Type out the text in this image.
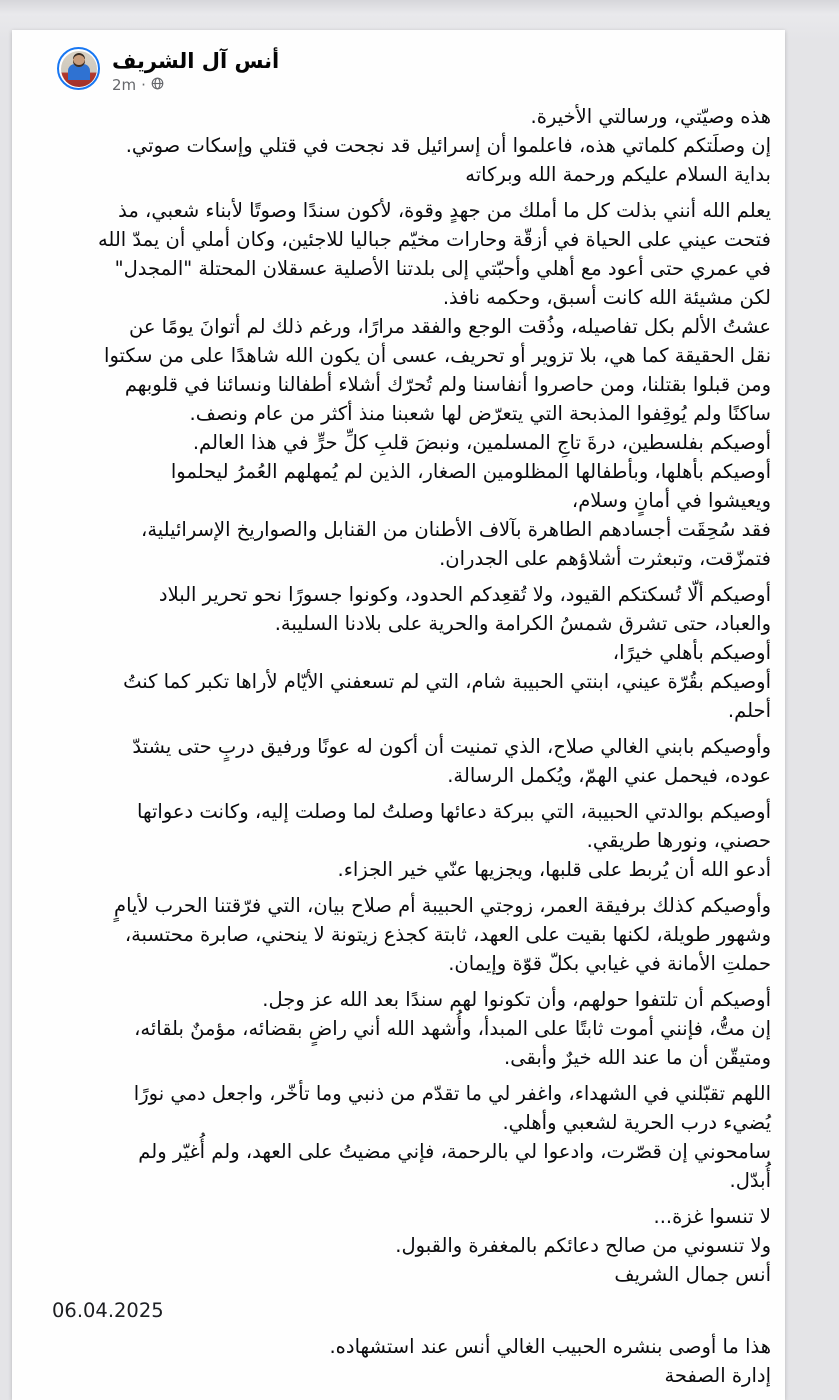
أنس آل الشريف
2m ·
هذه وصيّتي، ورسالتي الأخيرة.
إن وصلَتكم كلماتي هذه، فاعلموا أن إسرائيل قد نجحت في قتلي وإسكات صوتي.
بداية السلام عليكم ورحمة الله وبركاته
يعلم الله أنني بذلت كل ما أملك من جهدٍ وقوة، لأكون سندًا وصوتًا لأبناء شعبي، مذ
فتحت عيني على الحياة في أزقّة وحارات مخيّم جباليا للاجئين، وكان أملي أن يمدّ الله
في عمري حتى أعود مع أهلي وأحبّتي إلى بلدتنا الأصلية عسقلان المحتلة "المجدل"
لكن مشيئة الله كانت أسبق، وحكمه نافذ.
عشتُ الألم بكل تفاصيله، وذُقت الوجع والفقد مرارًا، ورغم ذلك لم أتوانَ يومًا عن
نقل الحقيقة كما هي، بلا تزوير أو تحريف، عسى أن يكون الله شاهدًا على من سكتوا
ومن قبلوا بقتلنا، ومن حاصروا أنفاسنا ولم تُحرّك أشلاء أطفالنا ونسائنا في قلوبهم
ساكنًا ولم يُوقِفوا المذبحة التي يتعرّض لها شعبنا منذ أكثر من عام ونصف.
أوصيكم بفلسطين، درةَ تاجِ المسلمين، ونبضَ قلبِ كلِّ حرٍّ في هذا العالم.
أوصيكم بأهلها، وبأطفالها المظلومين الصغار، الذين لم يُمهلهم العُمرُ ليحلموا
ويعيشوا في أمانٍ وسلام،
فقد سُحِقَت أجسادهم الطاهرة بآلاف الأطنان من القنابل والصواريخ الإسرائيلية،
فتمزّقت، وتبعثرت أشلاؤهم على الجدران.
أوصيكم ألّا تُسكتكم القيود، ولا تُقعِدكم الحدود، وكونوا جسورًا نحو تحرير البلاد
والعباد، حتى تشرق شمسُ الكرامة والحرية على بلادنا السليبة.
أوصيكم بأهلي خيرًا،
أوصيكم بقُرّة عيني، ابنتي الحبيبة شام، التي لم تسعفني الأيّام لأراها تكبر كما كنتُ
أحلم.
وأوصيكم بابني الغالي صلاح، الذي تمنيت أن أكون له عونًا ورفيق دربٍ حتى يشتدّ
عوده، فيحمل عني الهمّ، ويُكمل الرسالة.
أوصيكم بوالدتي الحبيبة، التي ببركة دعائها وصلتُ لما وصلت إليه، وكانت دعواتها
حصني، ونورها طريقي.
أدعو الله أن يُربط على قلبها، ويجزيها عنّي خير الجزاء.
وأوصيكم كذلك برفيقة العمر، زوجتي الحبيبة أم صلاح بيان، التي فرّقتنا الحرب لأيامٍ
وشهور طويلة، لكنها بقيت على العهد، ثابتة كجذع زيتونة لا ينحني، صابرة محتسبة،
حملتِ الأمانة في غيابي بكلّ قوّة وإيمان.
أوصيكم أن تلتفوا حولهم، وأن تكونوا لهم سندًا بعد الله عز وجل.
إن متُّ، فإنني أموت ثابتًا على المبدأ، وأُشهد الله أني راضٍ بقضائه، مؤمنٌ بلقائه،
ومتيقّن أن ما عند الله خيرٌ وأبقى.
اللهم تقبّلني في الشهداء، واغفر لي ما تقدّم من ذنبي وما تأخّر، واجعل دمي نورًا
يُضيء درب الحرية لشعبي وأهلي.
سامحوني إن قصّرت، وادعوا لي بالرحمة، فإني مضيتُ على العهد، ولم أُغيّر ولم
أُبدّل.
لا تنسوا غزة...
ولا تنسوني من صالح دعائكم بالمغفرة والقبول.
أنس جمال الشريف
06.04.2025
هذا ما أوصى بنشره الحبيب الغالي أنس عند استشهاده.
إدارة الصفحة
